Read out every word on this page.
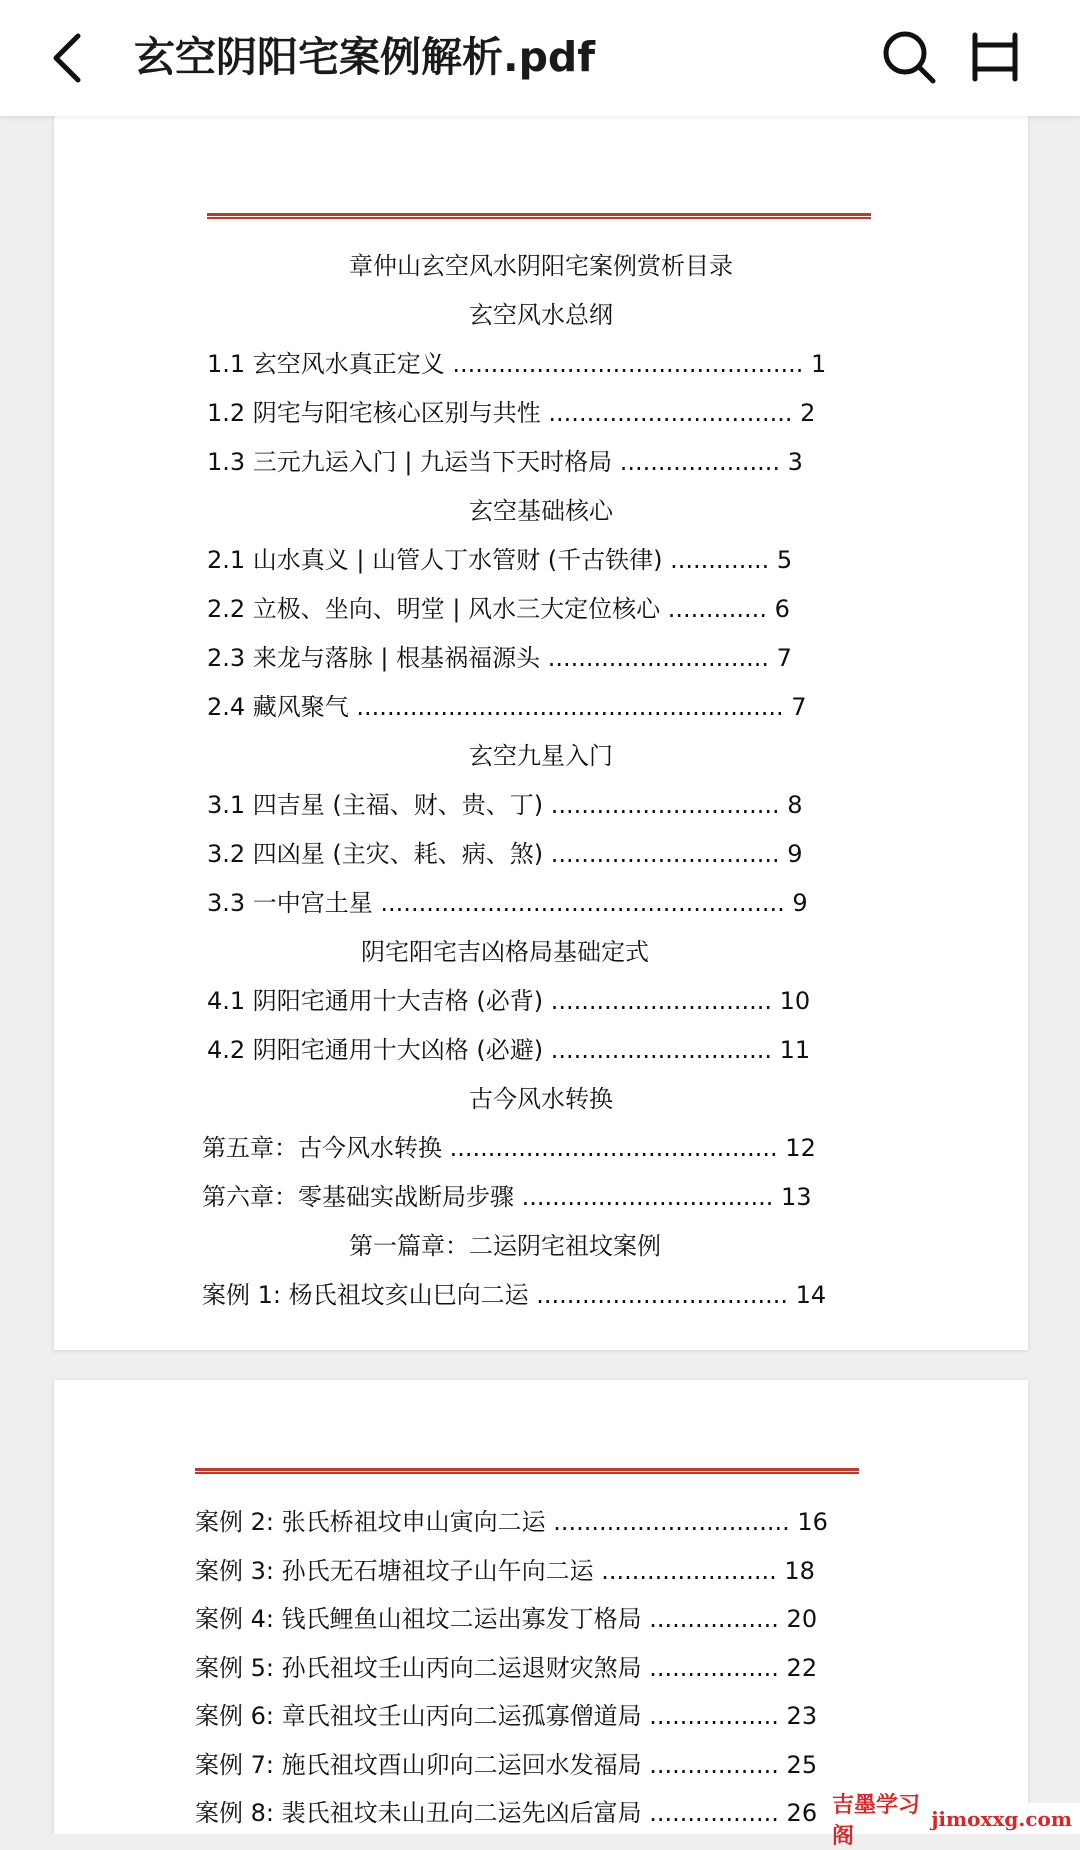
玄空阴阳宅案例解析.pdf
章仲山玄空风水阴阳宅案例赏析目录
玄空风水总纲
1.1 玄空风水真正定义 .............................................. 1
1.2 阴宅与阳宅核心区别与共性 ................................ 2
1.3 三元九运入门 | 九运当下天时格局 ..................... 3
玄空基础核心
2.1 山水真义 | 山管人丁水管财 (千古铁律) ............. 5
2.2 立极、坐向、明堂 | 风水三大定位核心 ............. 6
2.3 来龙与落脉 | 根基祸福源头 ............................. 7
2.4 藏风聚气 ........................................................ 7
玄空九星入门
3.1 四吉星 (主福、财、贵、丁) .............................. 8
3.2 四凶星 (主灾、耗、病、煞) .............................. 9
3.3 一中宫土星 ..................................................... 9
阴宅阳宅吉凶格局基础定式
4.1 阴阳宅通用十大吉格 (必背) ............................. 10
4.2 阴阳宅通用十大凶格 (必避) ............................. 11
古今风水转换
第五章：古今风水转换 ........................................... 12
第六章：零基础实战断局步骤 ................................. 13
第一篇章：二运阴宅祖坟案例
案例 1: 杨氏祖坟亥山巳向二运 ................................. 14
案例 2: 张氏桥祖坟申山寅向二运 ............................... 16
案例 3: 孙氏无石塘祖坟子山午向二运 ....................... 18
案例 4: 钱氏鲤鱼山祖坟二运出寡发丁格局 ................. 20
案例 5: 孙氏祖坟壬山丙向二运退财灾煞局 ................. 22
案例 6: 章氏祖坟壬山丙向二运孤寡僧道局 ................. 23
案例 7: 施氏祖坟酉山卯向二运回水发福局 ................. 25
案例 8: 裴氏祖坟未山丑向二运先凶后富局 ................. 26 吉墨学习阁
jimoxxg.com
